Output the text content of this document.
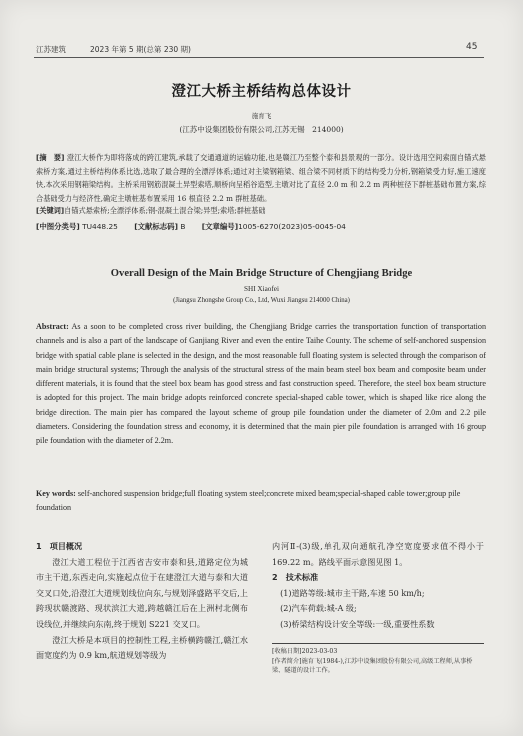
江苏建筑	2023 年第 5 期(总第 230 期)	45
澄江大桥主桥结构总体设计
施育飞
(江苏中设集团股份有限公司,江苏无锡　214000)
[摘　要] 澄江大桥作为即将落成的跨江建筑,承载了交通通道的运输功能,也是赣江乃至整个泰和县景观的一部分。设计选用空间索面自锚式悬索桥方案,通过主桥结构体系比选,选取了最合理的全漂浮体系;通过对主梁钢箱梁、组合梁不同材质下的结构受力分析,钢箱梁受力好,施工速度快,本次采用钢箱梁结构。主桥采用钢筋混凝土异型索塔,顺桥向呈稻谷造型,主墩对比了直径 2.0 m 和 2.2 m 两种桩径下群桩基础布置方案,综合基础受力与经济性,确定主墩桩基布置采用 16 根直径 2.2 m 群桩基础。
[关键词]自锚式悬索桥;全漂浮体系;钢-混凝土混合梁;异型;索塔;群桩基础
[中图分类号] TU448.25 [文献标志码] B [文章编号]1005-6270(2023)05-0045-04
Overall Design of the Main Bridge Structure of Chengjiang Bridge
SHI Xiaofei
(Jiangsu Zhongshe Group Co., Ltd, Wuxi Jiangsu 214000 China)
Abstract: As a soon to be completed cross river building, the Chengjiang Bridge carries the transportation function of transportation channels and is also a part of the landscape of Ganjiang River and even the entire Taihe County. The scheme of self-anchored suspension bridge with spatial cable plane is selected in the design, and the most reasonable full floating system is selected through the comparison of main bridge structural systems; Through the analysis of the structural stress of the main beam steel box beam and composite beam under different materials, it is found that the steel box beam has good stress and fast construction speed. Therefore, the steel box beam structure is adopted for this project. The main bridge adopts reinforced concrete special-shaped cable tower, which is shaped like rice along the bridge direction. The main pier has compared the layout scheme of group pile foundation under the diameter of 2.0m and 2.2 pile diameters. Considering the foundation stress and economy, it is determined that the main pier pile foundation is arranged with 16 group pile foundation with the diameter of 2.2m.
Key words: self-anchored suspension bridge;full floating system steel;concrete mixed beam;special-shaped cable tower;group pile foundation
1　项目概况

澄江大道工程位于江西省吉安市泰和县,道路定位为城市主干道,东西走向,实施起点位于在建澄江大道与泰和大道交叉口处,沿澄江大道规划线位向东,与规划泽盛路平交后,上跨现状赣渡路、现状滨江大道,跨越赣江后在上洲村北侧布设线位,并继续向东南,终于规划 S221 交叉口。

澄江大桥是本项目的控制性工程,主桥横跨赣江,赣江水面宽度约为 0.9 km,航道规划等级为

内河Ⅱ-(3)级,单孔双向通航孔净空宽度要求值不得小于 169.22 m。路线平面示意图见图 1。

2　技术标准
(1)道路等级:城市主干路,车速 50 km/h;
(2)汽车荷载:城-A 级;
(3)桥梁结构设计安全等级:一级,重要性系数
[收稿日期]2023-03-03
[作者简介]施育飞(1984-),江苏中设集团股份有限公司,高级工程师,从事桥梁、隧道的设计工作。
